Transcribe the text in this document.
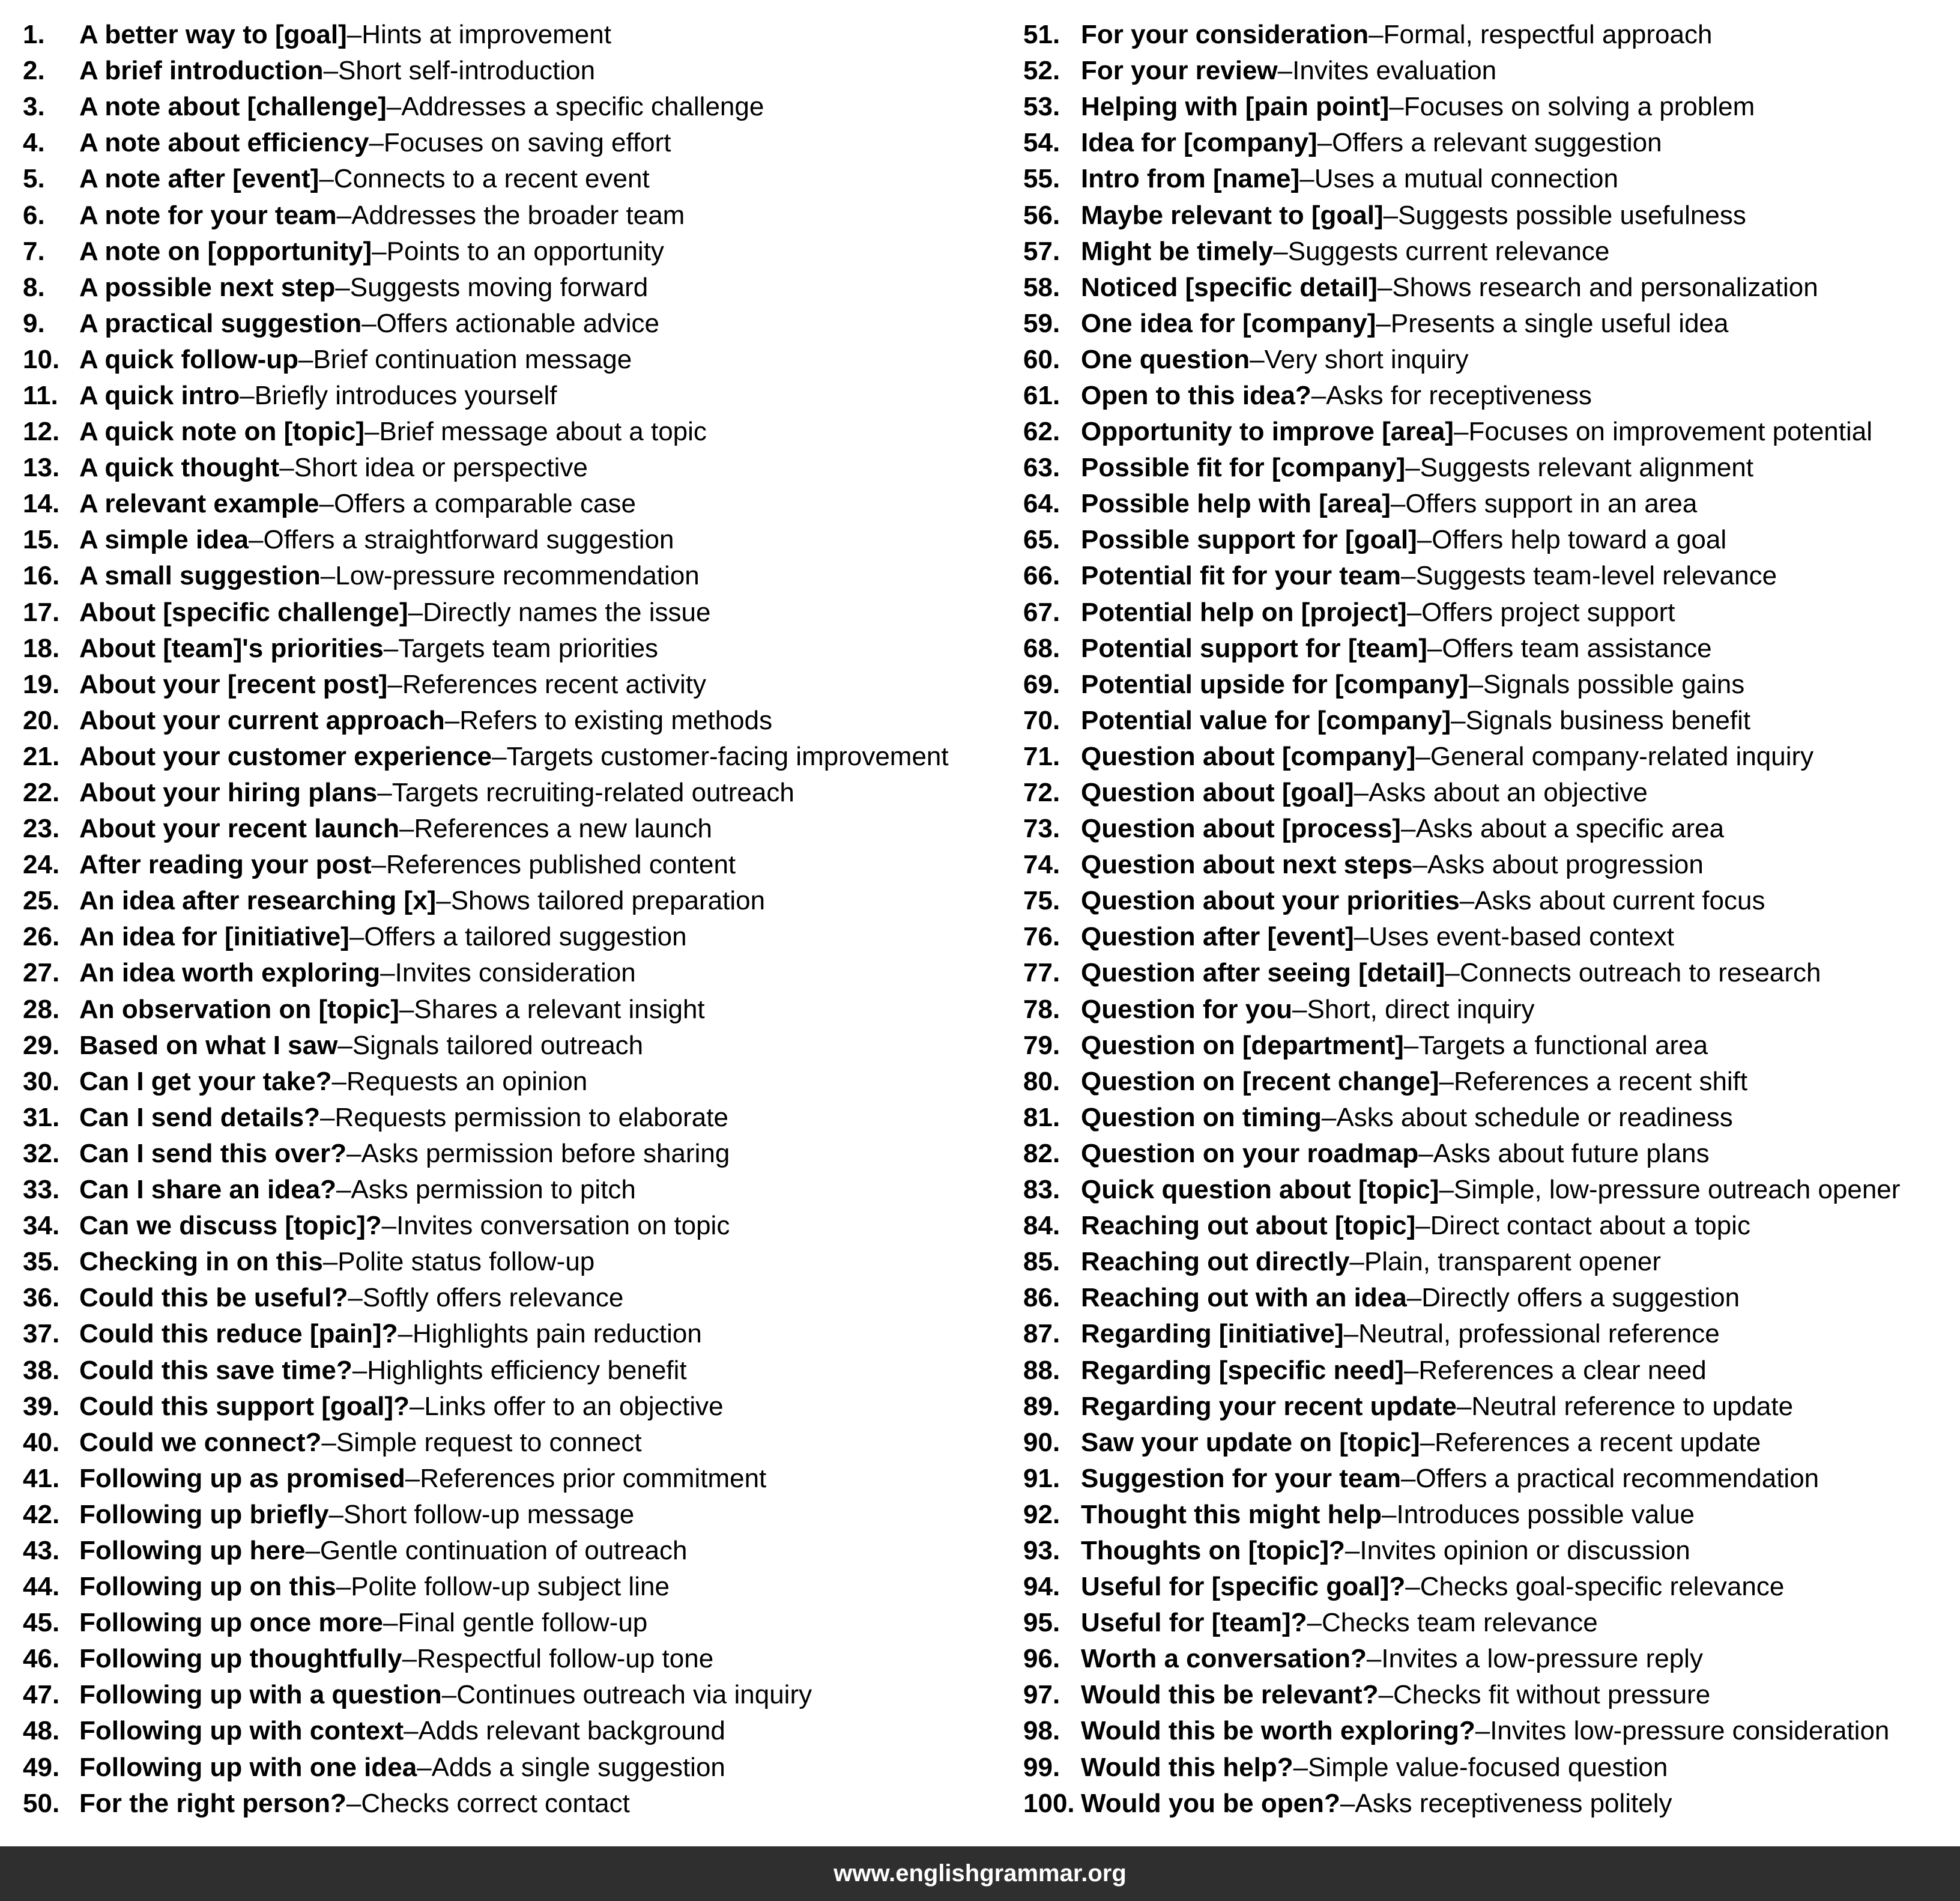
1.	A better way to [goal] – Hints at improvement
2.	A brief introduction – Short self-introduction
3.	A note about [challenge] – Addresses a specific challenge
4.	A note about efficiency – Focuses on saving effort
5.	A note after [event] – Connects to a recent event
6.	A note for your team – Addresses the broader team
7.	A note on [opportunity] – Points to an opportunity
8.	A possible next step – Suggests moving forward
9.	A practical suggestion – Offers actionable advice
10. A quick follow-up – Brief continuation message
11. A quick intro – Briefly introduces yourself
12. A quick note on [topic] – Brief message about a topic
13. A quick thought – Short idea or perspective
14. A relevant example – Offers a comparable case
15. A simple idea – Offers a straightforward suggestion
16. A small suggestion – Low-pressure recommendation
17. About [specific challenge] – Directly names the issue
18. About [team]'s priorities – Targets team priorities
19. About your [recent post] – References recent activity
20. About your current approach – Refers to existing methods
21. About your customer experience – Targets customer-facing improvement
22. About your hiring plans – Targets recruiting-related outreach
23. About your recent launch – References a new launch
24. After reading your post – References published content
25. An idea after researching [x] – Shows tailored preparation
26. An idea for [initiative] – Offers a tailored suggestion
27. An idea worth exploring – Invites consideration
28. An observation on [topic] – Shares a relevant insight
29. Based on what I saw – Signals tailored outreach
30. Can I get your take? – Requests an opinion
31. Can I send details? – Requests permission to elaborate
32. Can I send this over? – Asks permission before sharing
33. Can I share an idea? – Asks permission to pitch
34. Can we discuss [topic]? – Invites conversation on topic
35. Checking in on this – Polite status follow-up
36. Could this be useful? – Softly offers relevance
37. Could this reduce [pain]? – Highlights pain reduction
38. Could this save time? – Highlights efficiency benefit
39. Could this support [goal]? – Links offer to an objective
40. Could we connect? – Simple request to connect
41. Following up as promised – References prior commitment
42. Following up briefly – Short follow-up message
43. Following up here – Gentle continuation of outreach
44. Following up on this – Polite follow-up subject line
45. Following up once more – Final gentle follow-up
46. Following up thoughtfully – Respectful follow-up tone
47. Following up with a question – Continues outreach via inquiry
48. Following up with context – Adds relevant background
49. Following up with one idea – Adds a single suggestion
50. For the right person? – Checks correct contact
51. For your consideration – Formal, respectful approach
52. For your review – Invites evaluation
53. Helping with [pain point] – Focuses on solving a problem
54. Idea for [company] – Offers a relevant suggestion
55. Intro from [name] – Uses a mutual connection
56. Maybe relevant to [goal] – Suggests possible usefulness
57. Might be timely – Suggests current relevance
58. Noticed [specific detail] – Shows research and personalization
59. One idea for [company] – Presents a single useful idea
60. One question – Very short inquiry
61. Open to this idea? – Asks for receptiveness
62. Opportunity to improve [area] – Focuses on improvement potential
63. Possible fit for [company] – Suggests relevant alignment
64. Possible help with [area] – Offers support in an area
65. Possible support for [goal] – Offers help toward a goal
66. Potential fit for your team – Suggests team-level relevance
67. Potential help on [project] – Offers project support
68. Potential support for [team] – Offers team assistance
69. Potential upside for [company] – Signals possible gains
70. Potential value for [company] – Signals business benefit
71. Question about [company] – General company-related inquiry
72. Question about [goal] – Asks about an objective
73. Question about [process] – Asks about a specific area
74. Question about next steps – Asks about progression
75. Question about your priorities – Asks about current focus
76. Question after [event] – Uses event-based context
77. Question after seeing [detail] – Connects outreach to research
78. Question for you – Short, direct inquiry
79. Question on [department] – Targets a functional area
80. Question on [recent change] – References a recent shift
81. Question on timing – Asks about schedule or readiness
82. Question on your roadmap – Asks about future plans
83. Quick question about [topic] – Simple, low-pressure outreach opener
84. Reaching out about [topic] – Direct contact about a topic
85. Reaching out directly – Plain, transparent opener
86. Reaching out with an idea – Directly offers a suggestion
87. Regarding [initiative] – Neutral, professional reference
88. Regarding [specific need] – References a clear need
89. Regarding your recent update – Neutral reference to update
90. Saw your update on [topic] – References a recent update
91. Suggestion for your team – Offers a practical recommendation
92. Thought this might help – Introduces possible value
93. Thoughts on [topic]? – Invites opinion or discussion
94. Useful for [specific goal]? – Checks goal-specific relevance
95. Useful for [team]? – Checks team relevance
96. Worth a conversation? – Invites a low-pressure reply
97. Would this be relevant? – Checks fit without pressure
98. Would this be worth exploring? – Invites low-pressure consideration
99. Would this help? – Simple value-focused question
100. Would you be open? – Asks receptiveness politely
www.englishgrammar.org
